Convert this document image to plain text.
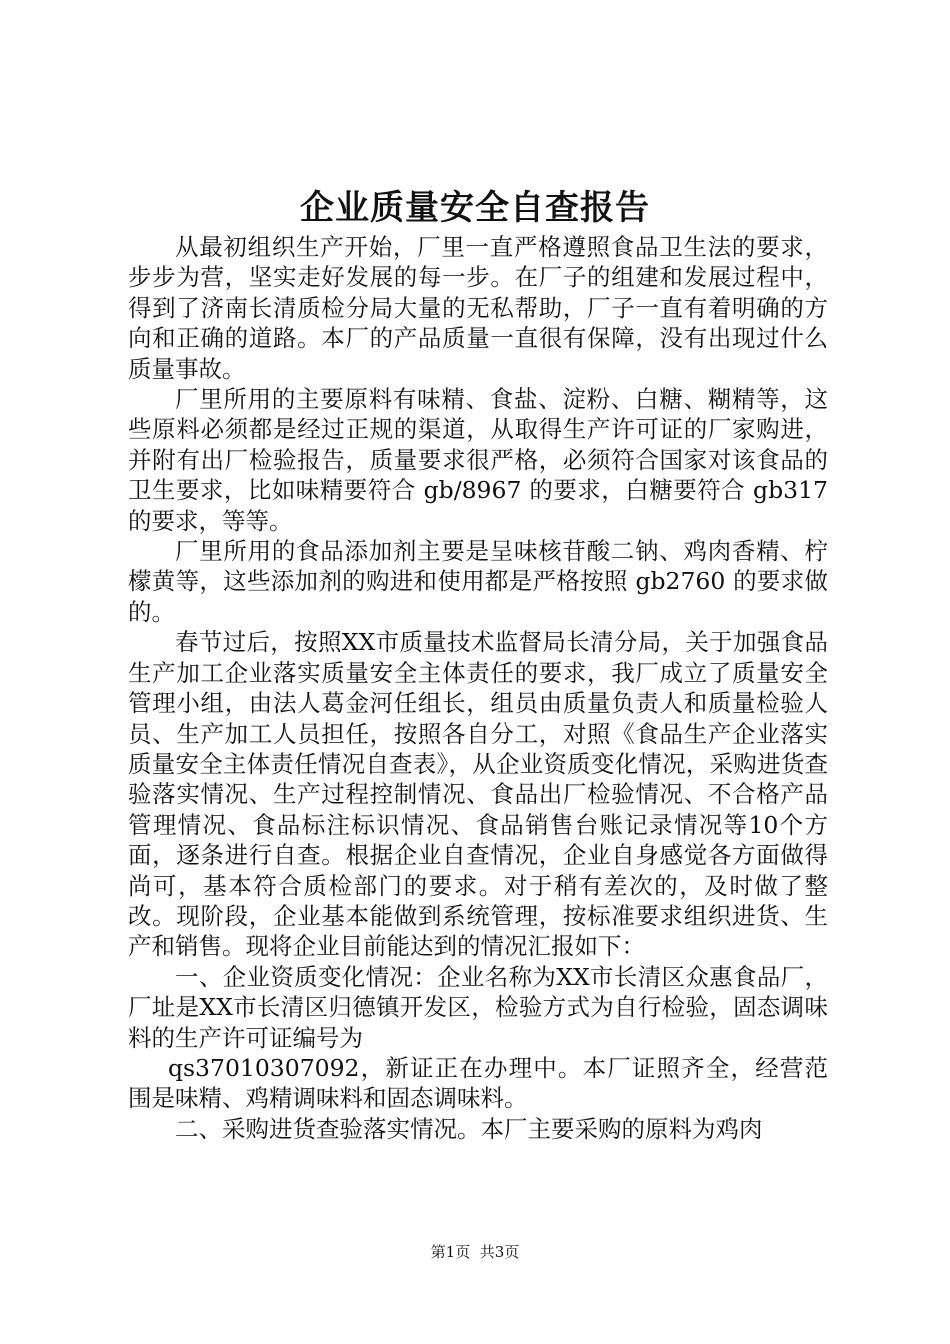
企业质量安全自查报告

从最初组织生产开始，厂里一直严格遵照食品卫生法的要求，步步为营，坚实走好发展的每一步。在厂子的组建和发展过程中，得到了济南长清质检分局大量的无私帮助，厂子一直有着明确的方向和正确的道路。本厂的产品质量一直很有保障，没有出现过什么质量事故。

厂里所用的主要原料有味精、食盐、淀粉、白糖、糊精等，这些原料必须都是经过正规的渠道，从取得生产许可证的厂家购进，并附有出厂检验报告，质量要求很严格，必须符合国家对该食品的卫生要求，比如味精要符合 gb/8967 的要求，白糖要符合 gb317 的要求，等等。

厂里所用的食品添加剂主要是呈味核苷酸二钠、鸡肉香精、柠檬黄等，这些添加剂的购进和使用都是严格按照 gb2760 的要求做的。

春节过后，按照XX市质量技术监督局长清分局，关于加强食品生产加工企业落实质量安全主体责任的要求，我厂成立了质量安全管理小组，由法人葛金河任组长，组员由质量负责人和质量检验人员、生产加工人员担任，按照各自分工，对照《食品生产企业落实质量安全主体责任情况自查表》，从企业资质变化情况，采购进货查验落实情况、生产过程控制情况、食品出厂检验情况、不合格产品管理情况、食品标注标识情况、食品销售台账记录情况等10个方面，逐条进行自查。根据企业自查情况，企业自身感觉各方面做得尚可，基本符合质检部门的要求。对于稍有差次的，及时做了整改。现阶段，企业基本能做到系统管理，按标准要求组织进货、生产和销售。现将企业目前能达到的情况汇报如下：

一、企业资质变化情况：企业名称为XX市长清区众惠食品厂，厂址是XX市长清区归德镇开发区，检验方式为自行检验，固态调味料的生产许可证编号为

qs37010307092，新证正在办理中。本厂证照齐全，经营范围是味精、鸡精调味料和固态调味料。

二、采购进货查验落实情况。本厂主要采购的原料为鸡肉

第1页 共3页
